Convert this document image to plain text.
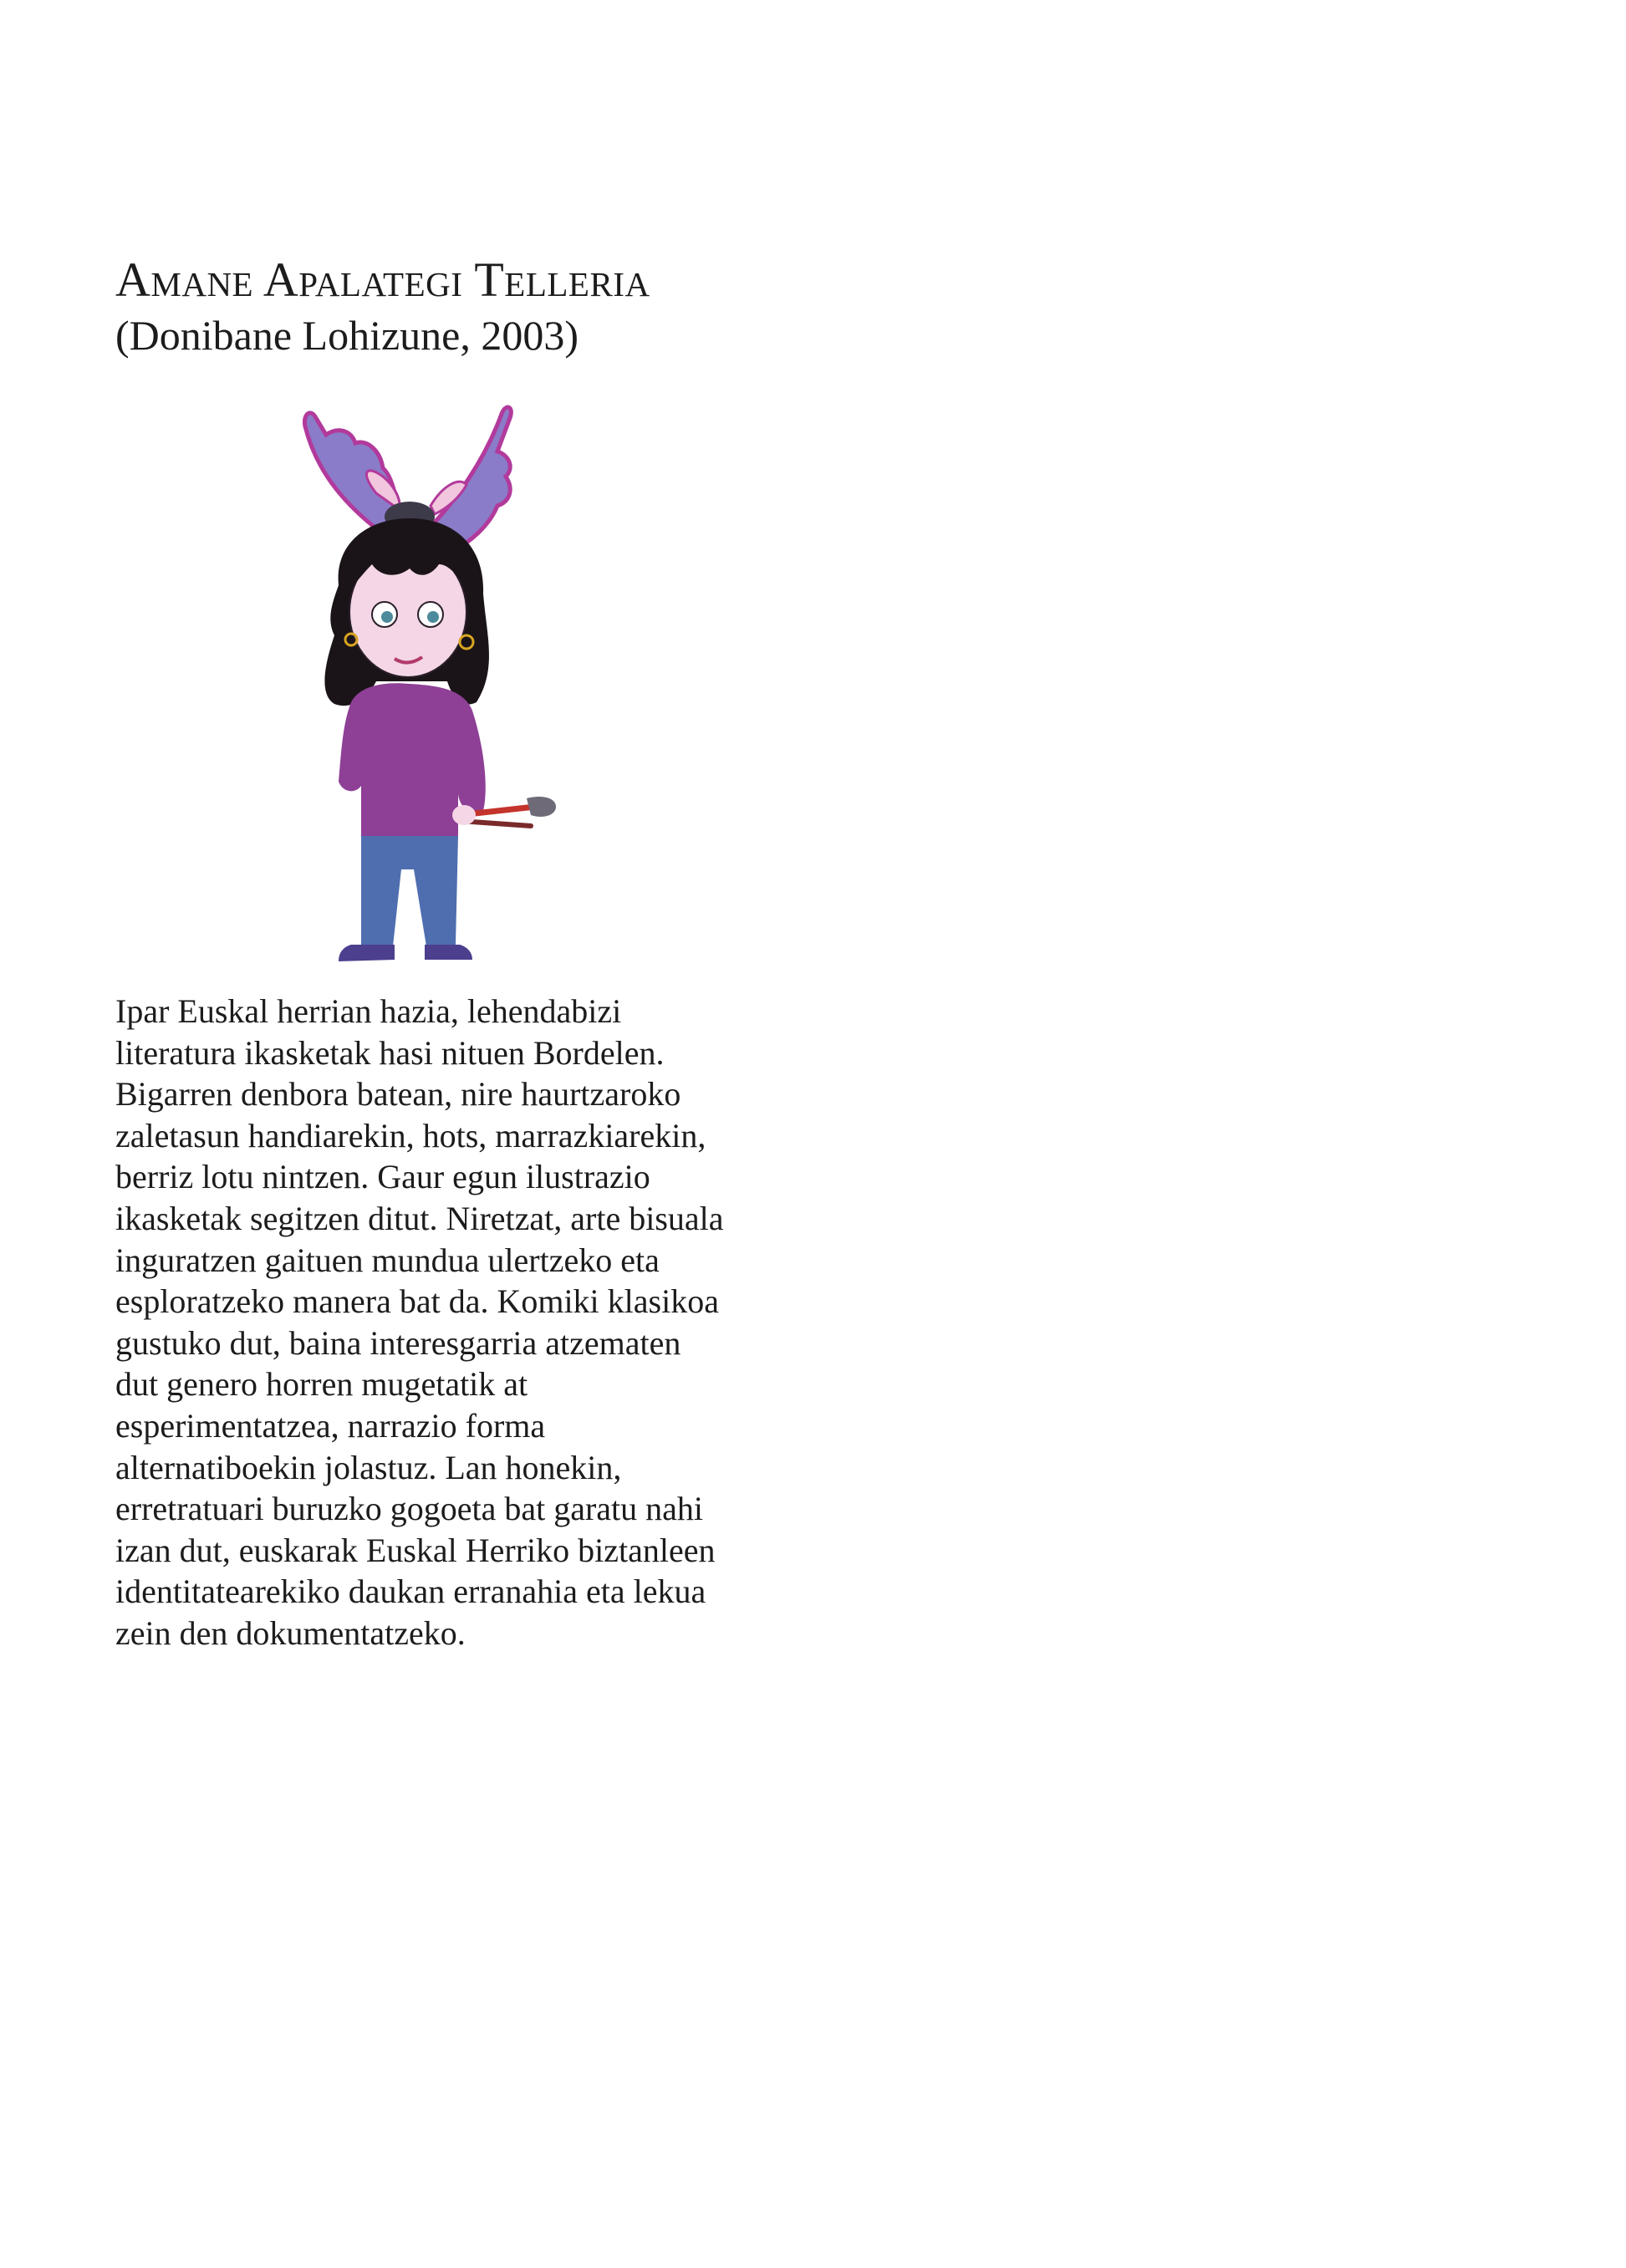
Amane Apalategi Telleria
(Donibane Lohizune, 2003)

Ipar Euskal herrian hazia, lehendabizi
literatura ikasketak hasi nituen Bordelen.
Bigarren denbora batean, nire haurtzaroko
zaletasun handiarekin, hots, marrazkiarekin,
berriz lotu nintzen. Gaur egun ilustrazio
ikasketak segitzen ditut. Niretzat, arte bisuala
inguratzen gaituen mundua ulertzeko eta
esploratzeko manera bat da. Komiki klasikoa
gustuko dut, baina interesgarria atzematen
dut genero horren mugetatik at
esperimentatzea, narrazio forma
alternatiboekin jolastuz. Lan honekin,
erretratuari buruzko gogoeta bat garatu nahi
izan dut, euskarak Euskal Herriko biztanleen
identitatearekiko daukan erranahia eta lekua
zein den dokumentatzeko.
